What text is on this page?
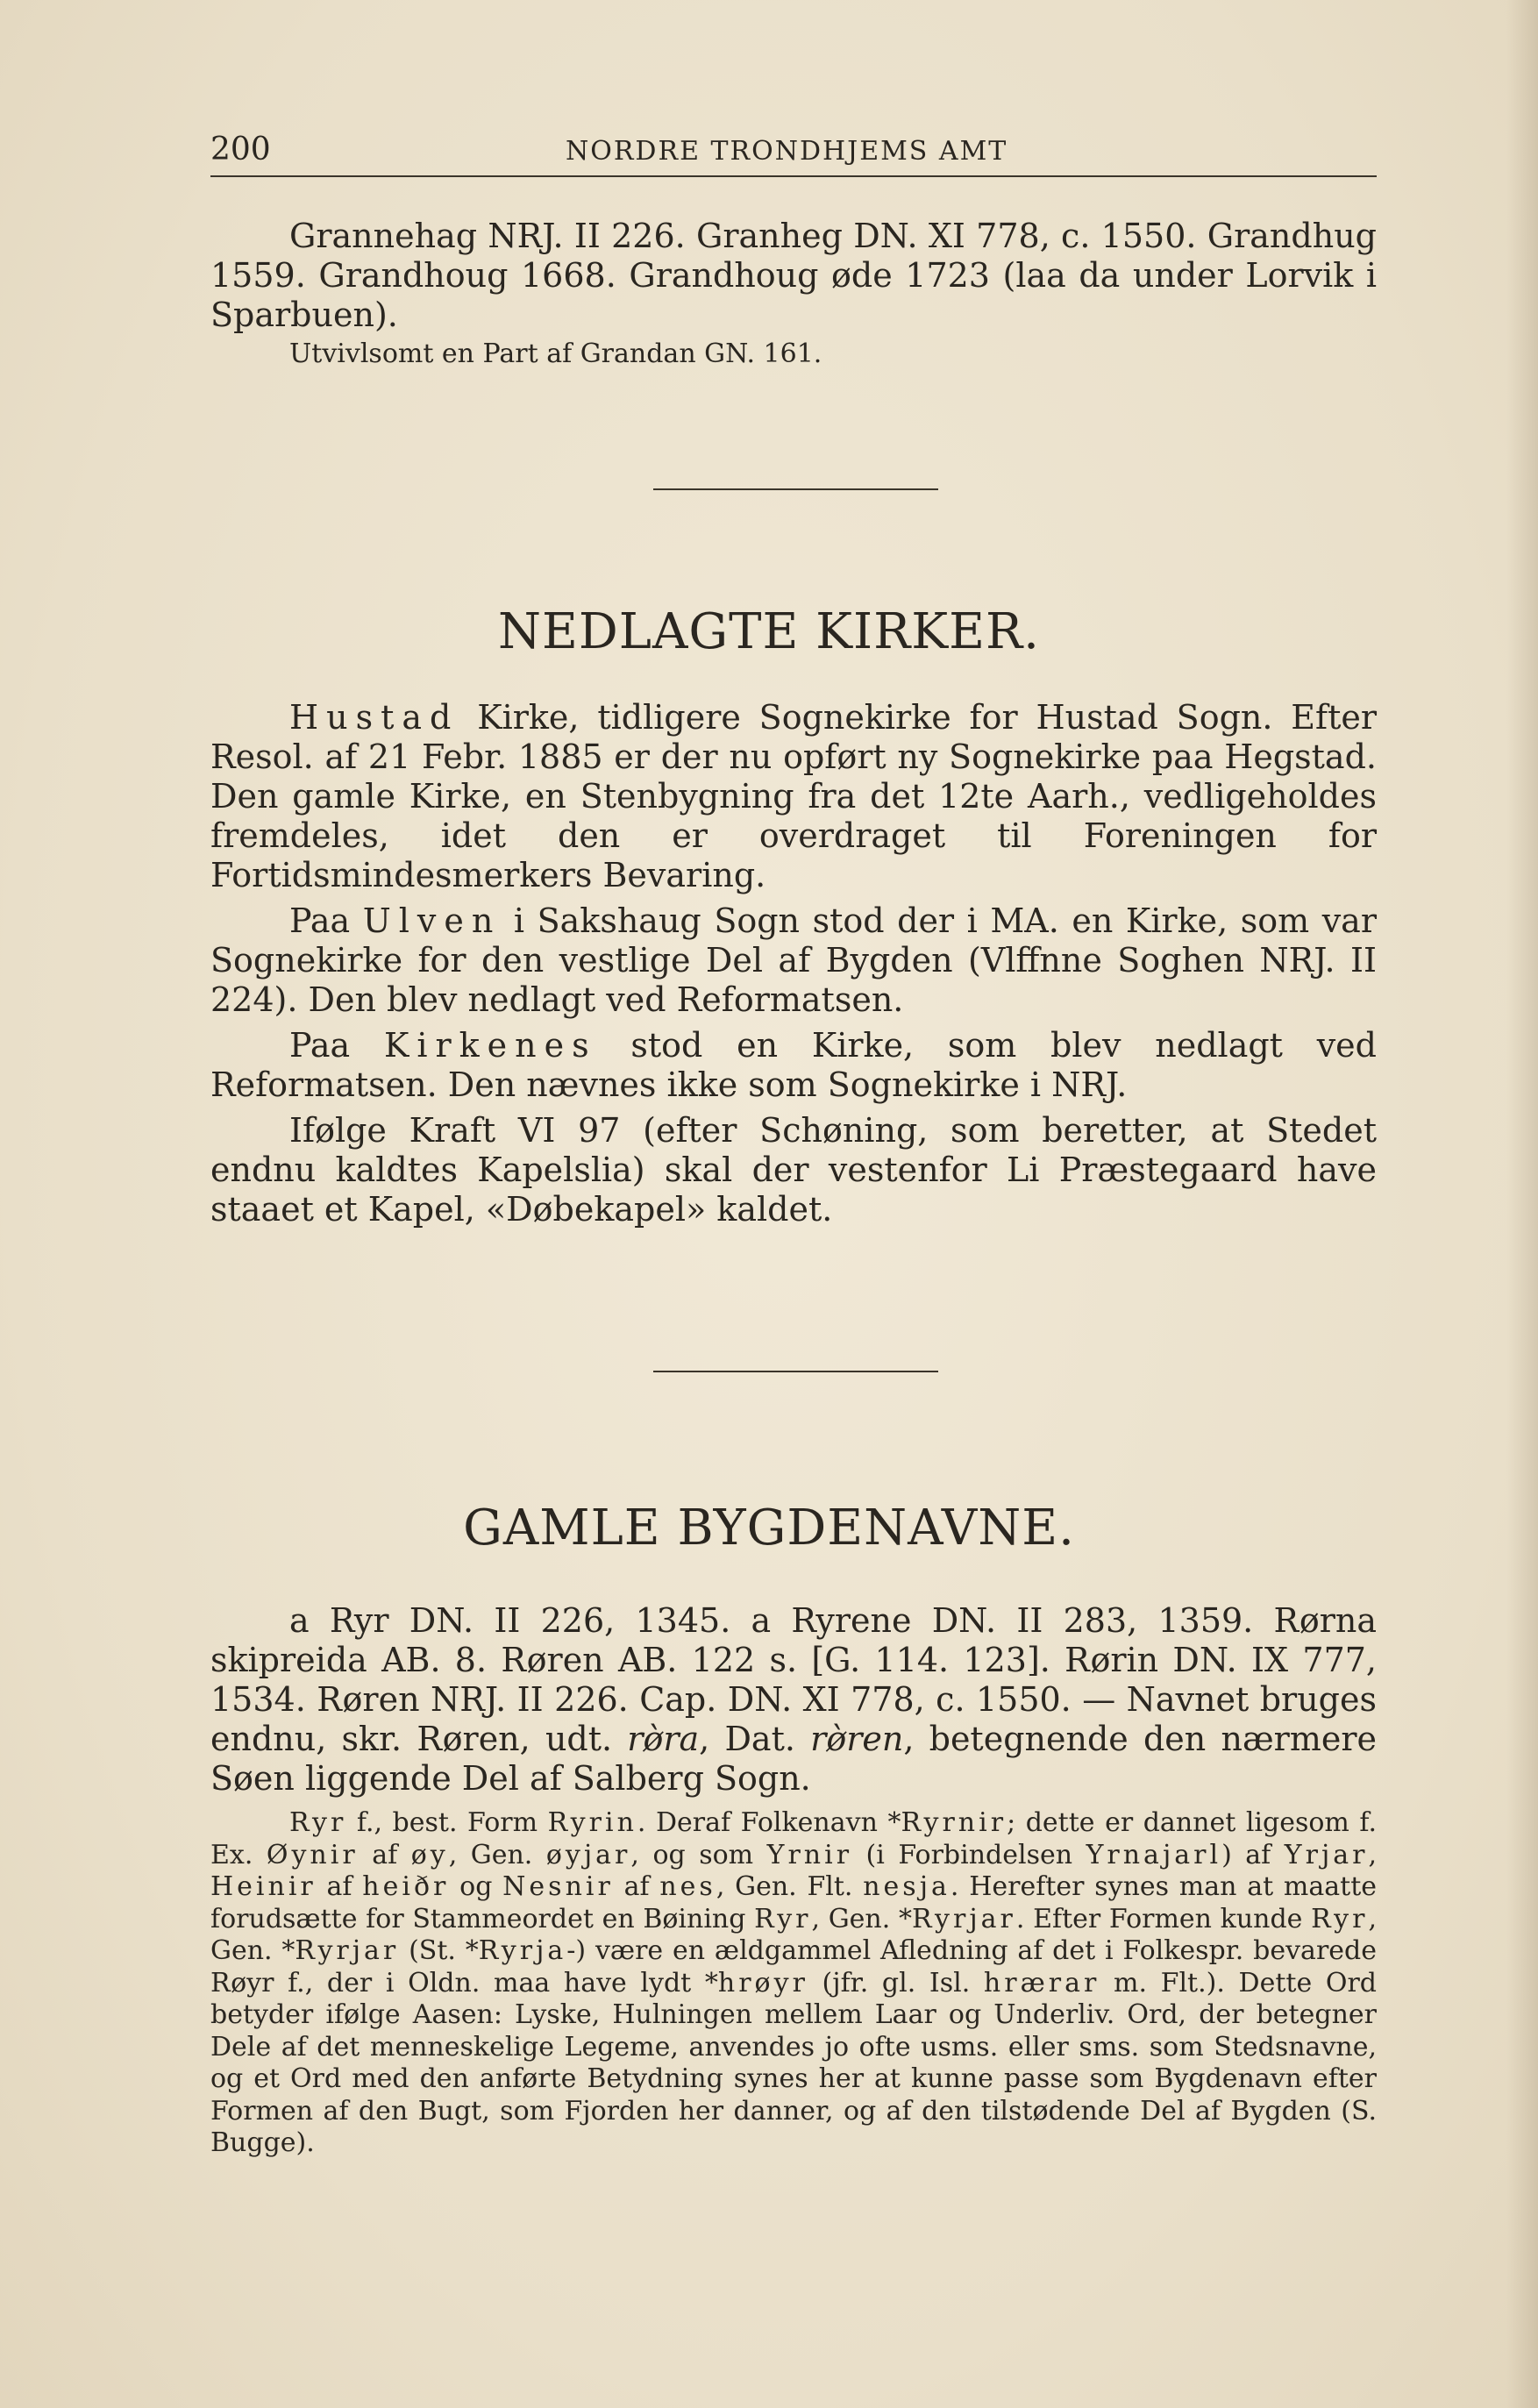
200	NORDRE TRONDHJEMS AMT

Grannehag NRJ. II 226. Granheg DN. XI 778, c. 1550. Grandhug 1559. Grandhoug 1668. Grandhoug øde 1723 (laa da under Lorvik i Sparbuen).

Utvivlsomt en Part af Grandan GN. 161.

NEDLAGTE KIRKER.

Hustad Kirke, tidligere Sognekirke for Hustad Sogn. Efter Resol. af 21 Febr. 1885 er der nu opført ny Sognekirke paa Hegstad. Den gamle Kirke, en Stenbygning fra det 12te Aarh., vedligeholdes fremdeles, idet den er overdraget til Foreningen for Fortidsmindesmerkers Bevaring.

Paa Ulven i Sakshaug Sogn stod der i MA. en Kirke, som var Sognekirke for den vestlige Del af Bygden (Vlffnne Soghen NRJ. II 224). Den blev nedlagt ved Reformatsen.

Paa Kirkenes stod en Kirke, som blev nedlagt ved Reformatsen. Den nævnes ikke som Sognekirke i NRJ.

Ifølge Kraft VI 97 (efter Schøning, som beretter, at Stedet endnu kaldtes Kapelslia) skal der vestenfor Li Præstegaard have staaet et Kapel, «Døbekapel» kaldet.

GAMLE BYGDENAVNE.

a Ryr DN. II 226, 1345. a Ryrene DN. II 283, 1359. Rørna skipreida AB. 8. Røren AB. 122 s. [G. 114. 123]. Rørin DN. IX 777, 1534. Røren NRJ. II 226. Cap. DN. XI 778, c. 1550. — Navnet bruges endnu, skr. Røren, udt. rø̀ra, Dat. rø̀ren, betegnende den nærmere Søen liggende Del af Salberg Sogn.

Ryr f., best. Form Ryrin. Deraf Folkenavn *Ryrnir; dette er dannet ligesom f. Ex. Øynir af øy, Gen. øyjar, og som Yrnir (i Forbindelsen Yrnajarl) af Yrjar, Heinir af heiðr og Nesnir af nes, Gen. Flt. nesja. Herefter synes man at maatte forudsætte for Stammeordet en Bøining Ryr, Gen. *Ryrjar. Efter Formen kunde Ryr, Gen. *Ryrjar (St. *Ryrja-) være en ældgammel Afledning af det i Folkespr. bevarede Røyr f., der i Oldn. maa have lydt *hrøyr (jfr. gl. Isl. hrærar m. Flt.). Dette Ord betyder ifølge Aasen: Lyske, Hulningen mellem Laar og Underliv. Ord, der betegner Dele af det menneskelige Legeme, anvendes jo ofte usms. eller sms. som Stedsnavne, og et Ord med den anførte Betydning synes her at kunne passe som Bygdenavn efter Formen af den Bugt, som Fjorden her danner, og af den tilstødende Del af Bygden (S. Bugge).
